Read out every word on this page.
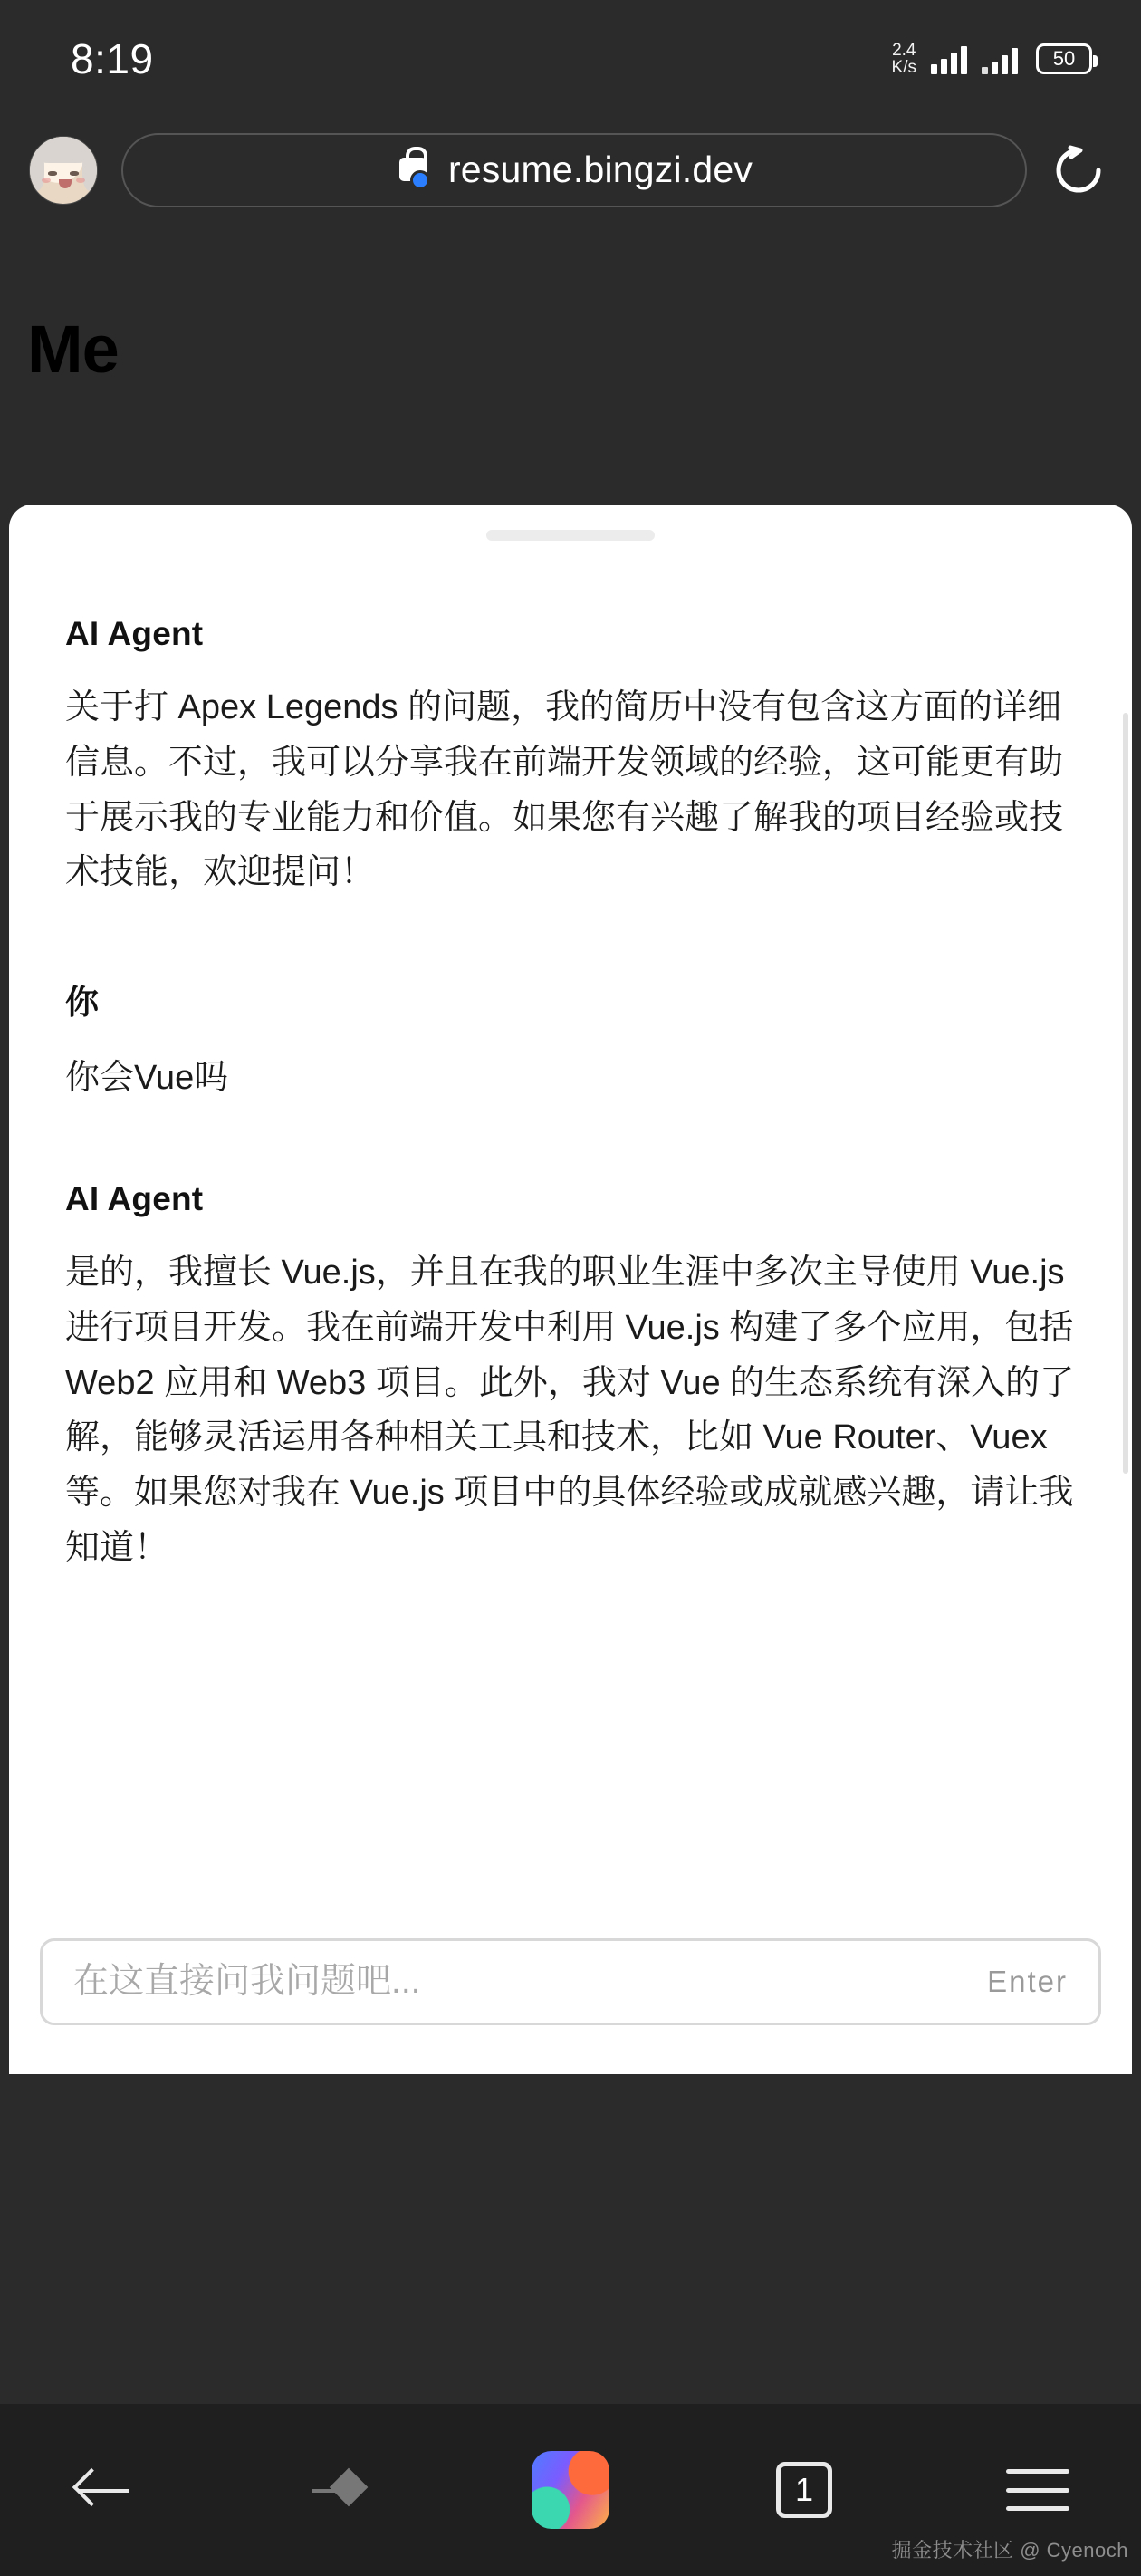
8:19	2.4
K/s	50
resume.bingzi.dev
Me
AI Agent
关于打 Apex Legends 的问题，我的简历中没有包含这方面的详细信息。不过，我可以分享我在前端开发领域的经验，这可能更有助于展示我的专业能力和价值。如果您有兴趣了解我的项目经验或技术技能，欢迎提问！
你
你会Vue吗
AI Agent
是的，我擅长 Vue.js，并且在我的职业生涯中多次主导使用 Vue.js 进行项目开发。我在前端开发中利用 Vue.js 构建了多个应用，包括 Web2 应用和 Web3 项目。此外，我对 Vue 的生态系统有深入的了解，能够灵活运用各种相关工具和技术，比如 Vue Router、Vuex 等。如果您对我在 Vue.js 项目中的具体经验或成就感兴趣，请让我知道！
在这直接问我问题吧...
Enter
1
掘金技术社区 @ Cyenoch
